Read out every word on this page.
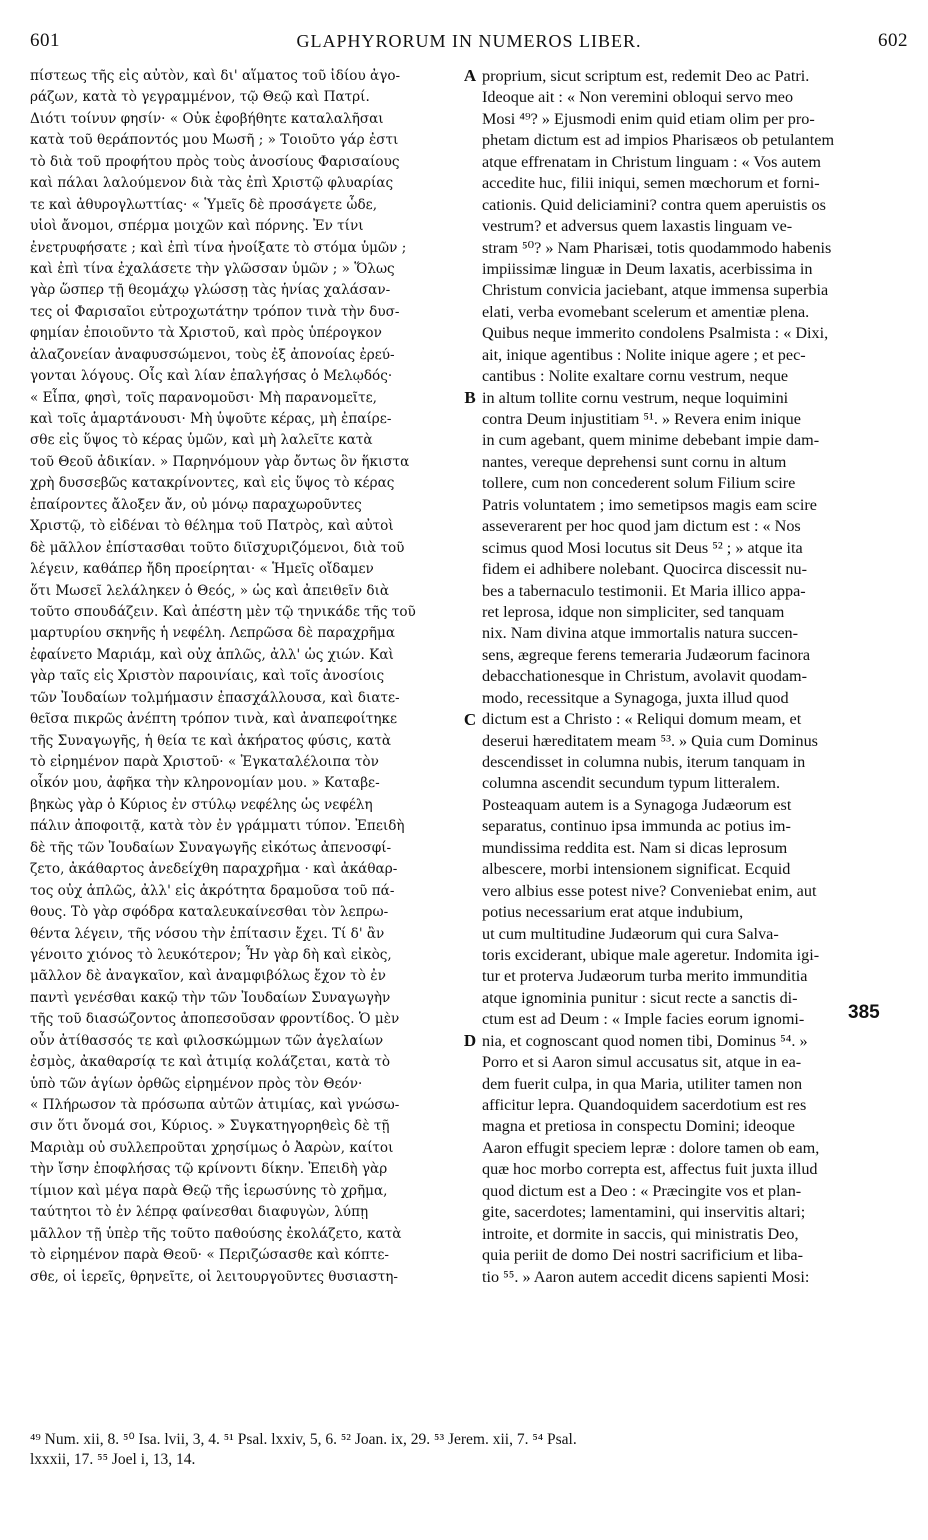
601	GLAPHYRORUM IN NUMEROS LIBER.	602
πίστεως τῆς εἰς αὐτὸν, καὶ δι' αἵματος τοῦ ἰδίου ἀγο-
ράζων, κατὰ τὸ γεγραμμένον, τῷ Θεῷ καὶ Πατρί.
Διότι τοίνυν φησίν· « Οὐκ ἐφοβήθητε καταλαλῆσαι
κατὰ τοῦ θεράποντός μου Μωσῆ ; » Τοιοῦτο γάρ ἐστι
τὸ διὰ τοῦ προφήτου πρὸς τοὺς ἀνοσίους Φαρισαίους
καὶ πάλαι λαλούμενον διὰ τὰς ἐπὶ Χριστῷ φλυαρίας
τε καὶ ἀθυρογλωττίας· « Ὑμεῖς δὲ προσάγετε ὧδε,
υἱοὶ ἄνομοι, σπέρμα μοιχῶν καὶ πόρνης. Ἐν τίνι
ἐνετρυφήσατε ; καὶ ἐπὶ τίνα ἠνοίξατε τὸ στόμα ὑμῶν ;
καὶ ἐπὶ τίνα ἐχαλάσετε τὴν γλῶσσαν ὑμῶν ; » Ὅλως
γὰρ ὥσπερ τῇ θεομάχῳ γλώσσῃ τὰς ἡνίας χαλάσαν-
τες οἱ Φαρισαῖοι εὐτροχωτάτην τρόπον τινὰ τὴν δυσ-
φημίαν ἐποιοῦντο τὰ Χριστοῦ, καὶ πρὸς ὑπέρογκον
ἀλαζονείαν ἀναφυσσώμενοι, τοὺς ἐξ ἀπονοίας ἐρεύ-
γονται λόγους. Οἷς καὶ λίαν ἐπαλγήσας ὁ Μελῳδός·
« Εἶπα, φησὶ, τοῖς παρανομοῦσι· Μὴ παρανομεῖτε,
καὶ τοῖς ἁμαρτάνουσι· Μὴ ὑψοῦτε κέρας, μὴ ἐπαίρε-
σθε εἰς ὕψος τὸ κέρας ὑμῶν, καὶ μὴ λαλεῖτε κατὰ
τοῦ Θεοῦ ἀδικίαν. » Παρηνόμουν γὰρ ὄντως ὃν ἥκιστα
χρὴ δυσσεβῶς κατακρίνοντες, καὶ εἰς ὕψος τὸ κέρας
ἐπαίροντες ἄλοξεν ἄν, οὐ μόνῳ παραχωροῦντες
Χριστῷ, τὸ εἰδέναι τὸ θέλημα τοῦ Πατρὸς, καὶ αὐτοὶ
δὲ μᾶλλον ἐπίστασθαι τοῦτο διϊσχυριζόμενοι, διὰ τοῦ
λέγειν, καθάπερ ἤδη προείρηται· « Ἡμεῖς οἴδαμεν
ὅτι Μωσεῖ λελάληκεν ὁ Θεός, » ὡς καὶ ἀπειθεῖν διὰ
τοῦτο σπουδάζειν. Καὶ ἀπέστη μὲν τῷ τηνικάδε τῆς τοῦ
μαρτυρίου σκηνῆς ἡ νεφέλη. Λεπρῶσα δὲ παραχρῆμα
ἐφαίνετο Μαριάμ, καὶ οὐχ ἁπλῶς, ἀλλ' ὡς χιών. Καὶ
γὰρ ταῖς εἰς Χριστὸν παροινίαις, καὶ τοῖς ἀνοσίοις
τῶν Ἰουδαίων τολμήμασιν ἐπασχάλλουσα, καὶ διατε-
θεῖσα πικρῶς ἀνέπτη τρόπον τινὰ, καὶ ἀναπεφοίτηκε
τῆς Συναγωγῆς, ἡ θεία τε καὶ ἀκήρατος φύσις, κατὰ
τὸ εἰρημένον παρὰ Χριστοῦ· « Ἐγκαταλέλοιπα τὸν
οἶκόν μου, ἀφῆκα τὴν κληρονομίαν μου. » Καταβε-
βηκὼς γὰρ ὁ Κύριος ἐν στύλῳ νεφέλης ὡς νεφέλη
πάλιν ἀποφοιτᾷ, κατὰ τὸν ἐν γράμματι τύπον. Ἐπειδὴ
δὲ τῆς τῶν Ἰουδαίων Συναγωγῆς εἰκότως ἀπενοσφί-
ζετο, ἀκάθαρτος ἀνεδείχθη παραχρῆμα · καὶ ἀκάθαρ-
τος οὐχ ἁπλῶς, ἀλλ' εἰς ἀκρότητα δραμοῦσα τοῦ πά-
θους. Τὸ γὰρ σφόδρα καταλευκαίνεσθαι τὸν λεπρω-
θέντα λέγειν, τῆς νόσου τὴν ἐπίτασιν ἔχει. Τί δ' ἂν
γένοιτο χιόνος τὸ λευκότερον; Ἦν γὰρ δὴ καὶ εἰκὸς,
μᾶλλον δὲ ἀναγκαῖον, καὶ ἀναμφιβόλως ἔχον τὸ ἐν
παντὶ γενέσθαι κακῷ τὴν τῶν Ἰουδαίων Συναγωγὴν
τῆς τοῦ διασώζοντος ἀποπεσοῦσαν φροντίδος. Ὁ μὲν
οὖν ἀτίθασσός τε καὶ φιλοσκώμμων τῶν ἀγελαίων
ἐσμὸς, ἀκαθαρσίᾳ τε καὶ ἀτιμίᾳ κολάζεται, κατὰ τὸ
ὑπὸ τῶν ἁγίων ὀρθῶς εἰρημένον πρὸς τὸν Θεόν·
« Πλήρωσον τὰ πρόσωπα αὐτῶν ἀτιμίας, καὶ γνώσω-
σιν ὅτι ὄνομά σοι, Κύριος. » Συγκατηγορηθεὶς δὲ τῇ
Μαριὰμ οὐ συλλεπροῦται χρησίμως ὁ Ἀαρὼν, καίτοι
τὴν ἴσην ἐποφλήσας τῷ κρίνοντι δίκην. Ἐπειδὴ γὰρ
τίμιον καὶ μέγα παρὰ Θεῷ τῆς ἱερωσύνης τὸ χρῆμα,
ταύτητοι τὸ ἐν λέπρᾳ φαίνεσθαι διαφυγὼν, λύπῃ
μᾶλλον τῇ ὑπὲρ τῆς τοῦτο παθούσης ἐκολάζετο, κατὰ
τὸ εἰρημένον παρὰ Θεοῦ· « Περιζώσασθε καὶ κόπτε-
σθε, οἱ ἱερεῖς, θρηνεῖτε, οἱ λειτουργοῦντες θυσιαστη-
proprium, sicut scriptum est, redemit Deo ac Patri.
Ideoque ait : « Non veremini obloqui servo meo
Mosi ⁴⁹? » Ejusmodi enim quid etiam olim per pro-
phetam dictum est ad impios Pharisæos ob petulantem
atque effrenatam in Christum linguam : « Vos autem
accedite huc, filii iniqui, semen mœchorum et forni-
cationis. Quid deliciamini? contra quem aperuistis os
vestrum? et adversus quem laxastis linguam ve-
stram ⁵⁰? » Nam Pharisæi, totis quodammodo habenis
impiissimæ linguæ in Deum laxatis, acerbissima in
Christum convicia jaciebant, atque immensa superbia
elati, verba evomebant scelerum et amentiæ plena.
Quibus neque immerito condolens Psalmista : « Dixi,
ait, inique agentibus : Nolite inique agere ; et pec-
cantibus : Nolite exaltare cornu vestrum, neque
in altum tollite cornu vestrum, neque loquimini
contra Deum injustitiam ⁵¹. » Revera enim inique
in cum agebant, quem minime debebant impie dam-
nantes, vereque deprehensi sunt cornu in altum
tollere, cum non concederent solum Filium scire
Patris voluntatem ; imo semetipsos magis eam scire
asseverarent per hoc quod jam dictum est : « Nos
scimus quod Mosi locutus sit Deus ⁵² ; » atque ita
fidem ei adhibere nolebant. Quocirca discessit nu-
bes a tabernaculo testimonii. Et Maria illico appa-
ret leprosa, idque non simpliciter, sed tanquam
nix. Nam divina atque immortalis natura succen-
sens, ægreque ferens temeraria Judæorum facinora
debacchationesque in Christum, avolavit quodam-
modo, recessitque a Synagoga, juxta illud quod
dictum est a Christo : « Reliqui domum meam, et
deserui hæreditatem meam ⁵³. » Quia cum Dominus
descendisset in columna nubis, iterum tanquam in
columna ascendit secundum typum litteralem.
Posteaquam autem is a Synagoga Judæorum est
separatus, continuo ipsa immunda ac potius im-
mundissima reddita est. Nam si dicas leprosum
albescere, morbi intensionem significat. Ecquid
vero albius esse potest nive? Conveniebat enim, aut
potius necessarium erat atque indubium,
ut cum multitudine Judæorum qui cura Salva-
toris exciderant, ubique male ageretur. Indomita igi-
tur et proterva Judæorum turba merito immunditia
atque ignominia punitur : sicut recte a sanctis di-
ctum est ad Deum : « Imple facies eorum ignomi-
nia, et cognoscant quod nomen tibi, Dominus ⁵⁴. »
Porro et si Aaron simul accusatus sit, atque in ea-
dem fuerit culpa, in qua Maria, utiliter tamen non
afficitur lepra. Quandoquidem sacerdotium est res
magna et pretiosa in conspectu Domini; ideoque
Aaron effugit speciem lepræ : dolore tamen ob eam,
quæ hoc morbo correpta est, affectus fuit juxta illud
quod dictum est a Deo : « Præcingite vos et plan-
gite, sacerdotes; lamentamini, qui inservitis altari;
introite, et dormite in saccis, qui ministratis Deo,
quia periit de domo Dei nostri sacrificium et liba-
tio ⁵⁵. » Aaron autem accedit dicens sapienti Mosi:
A
B
C
D
385
⁴⁹ Num. xii, 8. ⁵⁰ Isa. lvii, 3, 4. ⁵¹ Psal. lxxiv, 5, 6. ⁵² Joan. ix, 29. ⁵³ Jerem. xii, 7. ⁵⁴ Psal.
lxxxii, 17. ⁵⁵ Joel i, 13, 14.
